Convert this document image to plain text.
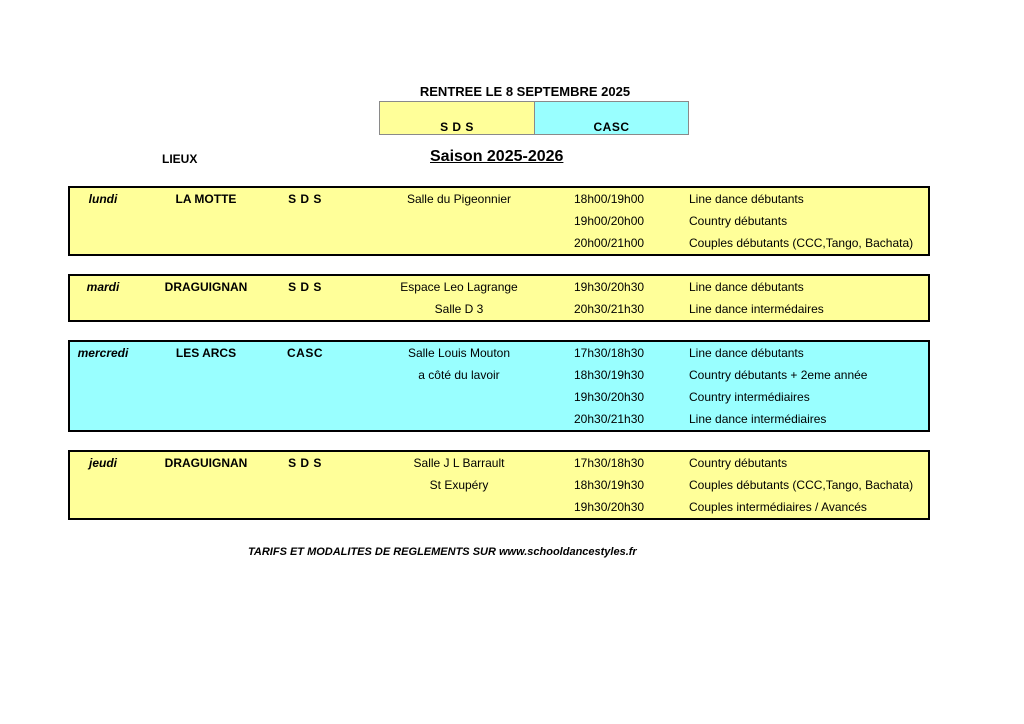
RENTREE LE 8 SEPTEMBRE 2025
S D S	CASC
LIEUX	Saison 2025-2026
lundi	LA MOTTE	S D S	Salle du Pigeonnier	18h00/19h00	Line dance débutants
19h00/20h00	Country débutants
20h00/21h00	Couples débutants (CCC,Tango, Bachata)
mardi	DRAGUIGNAN	S D S	Espace Leo Lagrange	19h30/20h30	Line dance débutants
Salle D 3	20h30/21h30	Line dance intermédaires
mercredi	LES ARCS	CASC	Salle Louis Mouton	17h30/18h30	Line dance débutants
a côté du lavoir	18h30/19h30	Country débutants + 2eme année
19h30/20h30	Country intermédiaires
20h30/21h30	Line dance intermédiaires
jeudi	DRAGUIGNAN	S D S	Salle J L Barrault	17h30/18h30	Country débutants
St Exupéry	18h30/19h30	Couples débutants (CCC,Tango, Bachata)
19h30/20h30	Couples intermédiaires / Avancés
TARIFS ET MODALITES DE REGLEMENTS SUR www.schooldancestyles.fr
